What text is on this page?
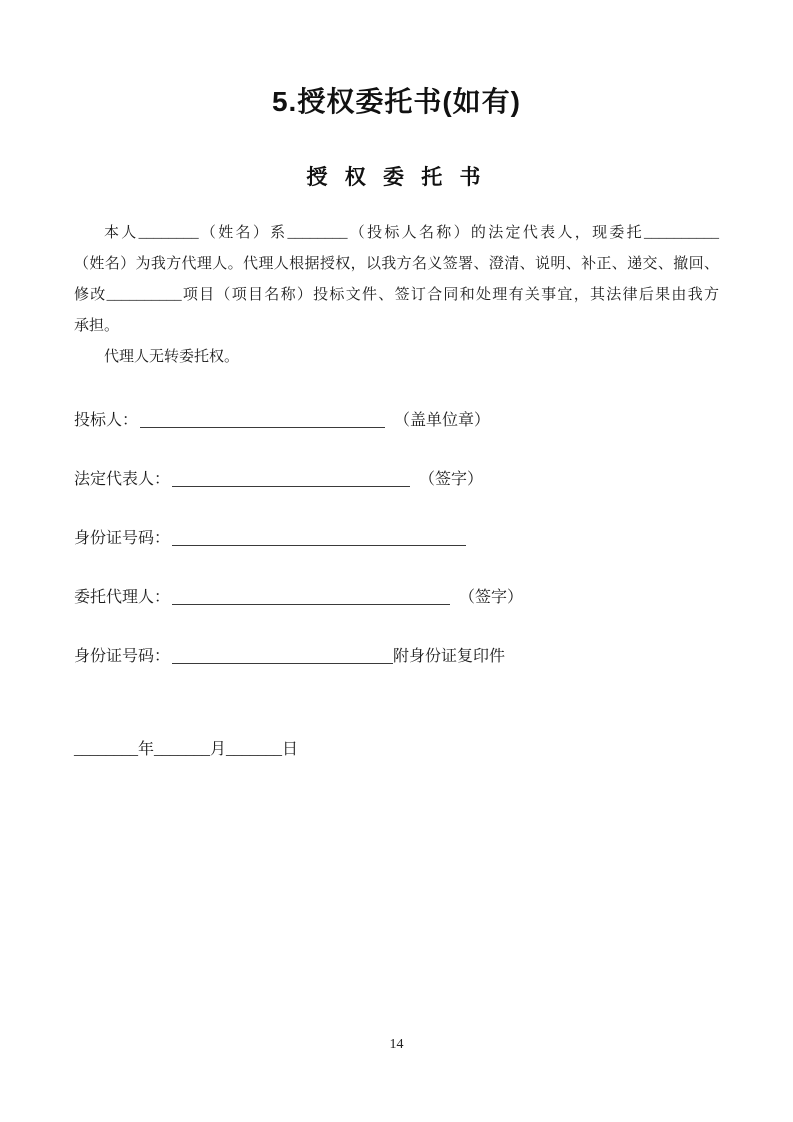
5.授权委托书(如有)
授 权 委 托 书
本人________（姓名）系________（投标人名称）的法定代表人，现委托__________
（姓名）为我方代理人。代理人根据授权，以我方名义签署、澄清、说明、补正、递交、撤回、
修改__________项目（项目名称）投标文件、签订合同和处理有关事宜，其法律后果由我方
承担。
代理人无转委托权。
投标人：	（盖单位章）
法定代表人：	（签字）
身份证号码：
委托代理人：	（签字）
身份证号码：	附身份证复印件
________年_______月_______日
14
